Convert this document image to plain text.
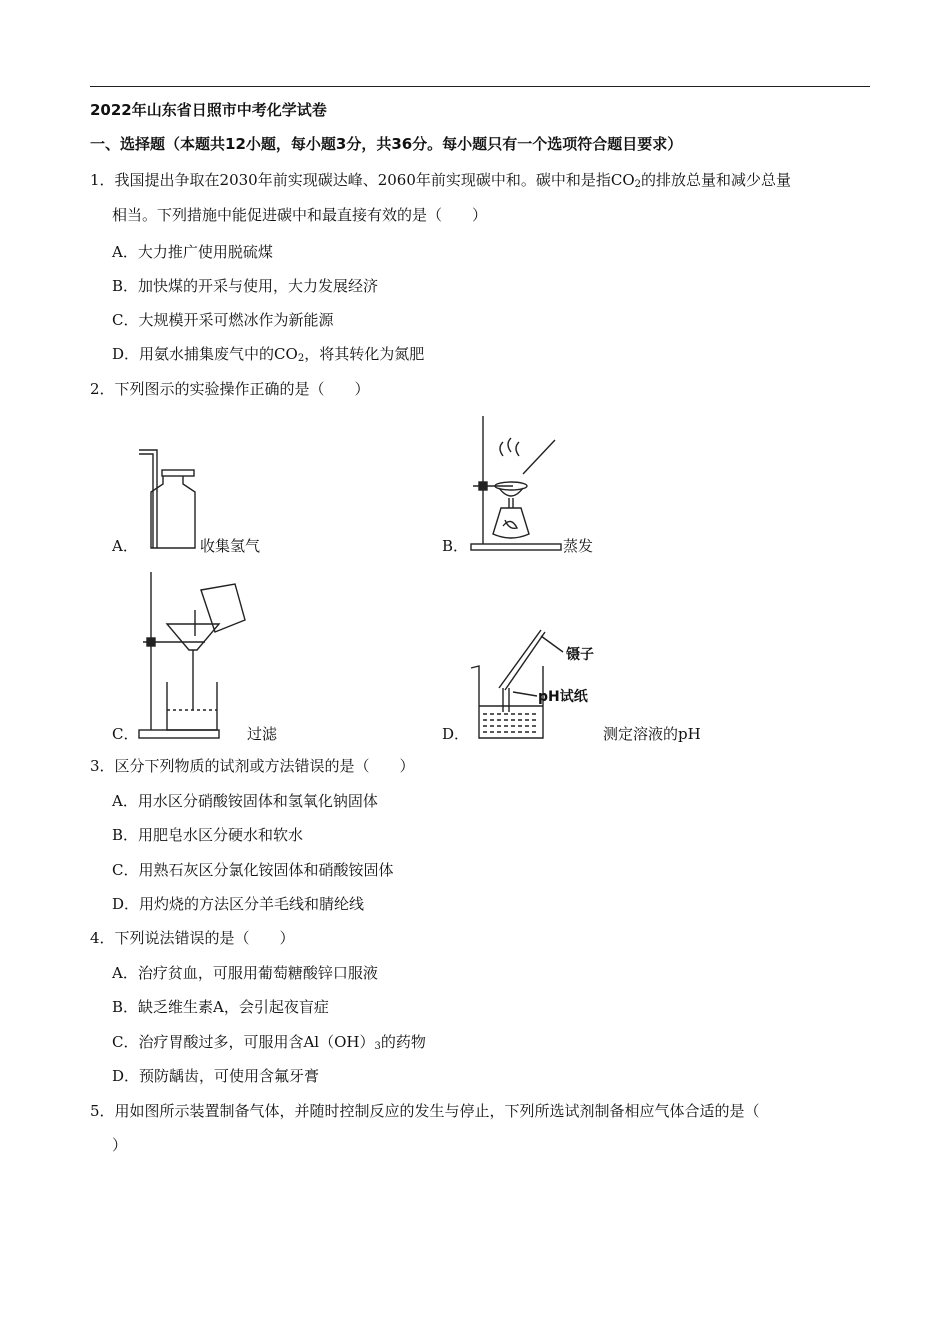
2022年山东省日照市中考化学试卷
一、选择题（本题共12小题，每小题3分，共36分。每小题只有一个选项符合题目要求）
1．我国提出争取在2030年前实现碳达峰、2060年前实现碳中和。碳中和是指$CO_2$的排放总量和减少总量
相当。下列措施中能促进碳中和最直接有效的是（　　）
A．大力推广使用脱硫煤
B．加快煤的开采与使用，大力发展经济
C．大规模开采可燃冰作为新能源
D．用氨水捕集废气中的$CO_2$，将其转化为氮肥
2．下列图示的实验操作正确的是（　　）
A．	收集氢气	B．	蒸发
C．	过滤
镊子
pH试纸
D．	测定溶液的pH
3．区分下列物质的试剂或方法错误的是（　　）
A．用水区分硝酸铵固体和氢氧化钠固体
B．用肥皂水区分硬水和软水
C．用熟石灰区分氯化铵固体和硝酸铵固体
D．用灼烧的方法区分羊毛线和腈纶线
4．下列说法错误的是（　　）
A．治疗贫血，可服用葡萄糖酸锌口服液
B．缺乏维生素A，会引起夜盲症
C．治疗胃酸过多，可服用含$Al(OH)_3$的药物
D．预防龋齿，可使用含氟牙膏
5．用如图所示装置制备气体，并随时控制反应的发生与停止，下列所选试剂制备相应气体合适的是（
）
